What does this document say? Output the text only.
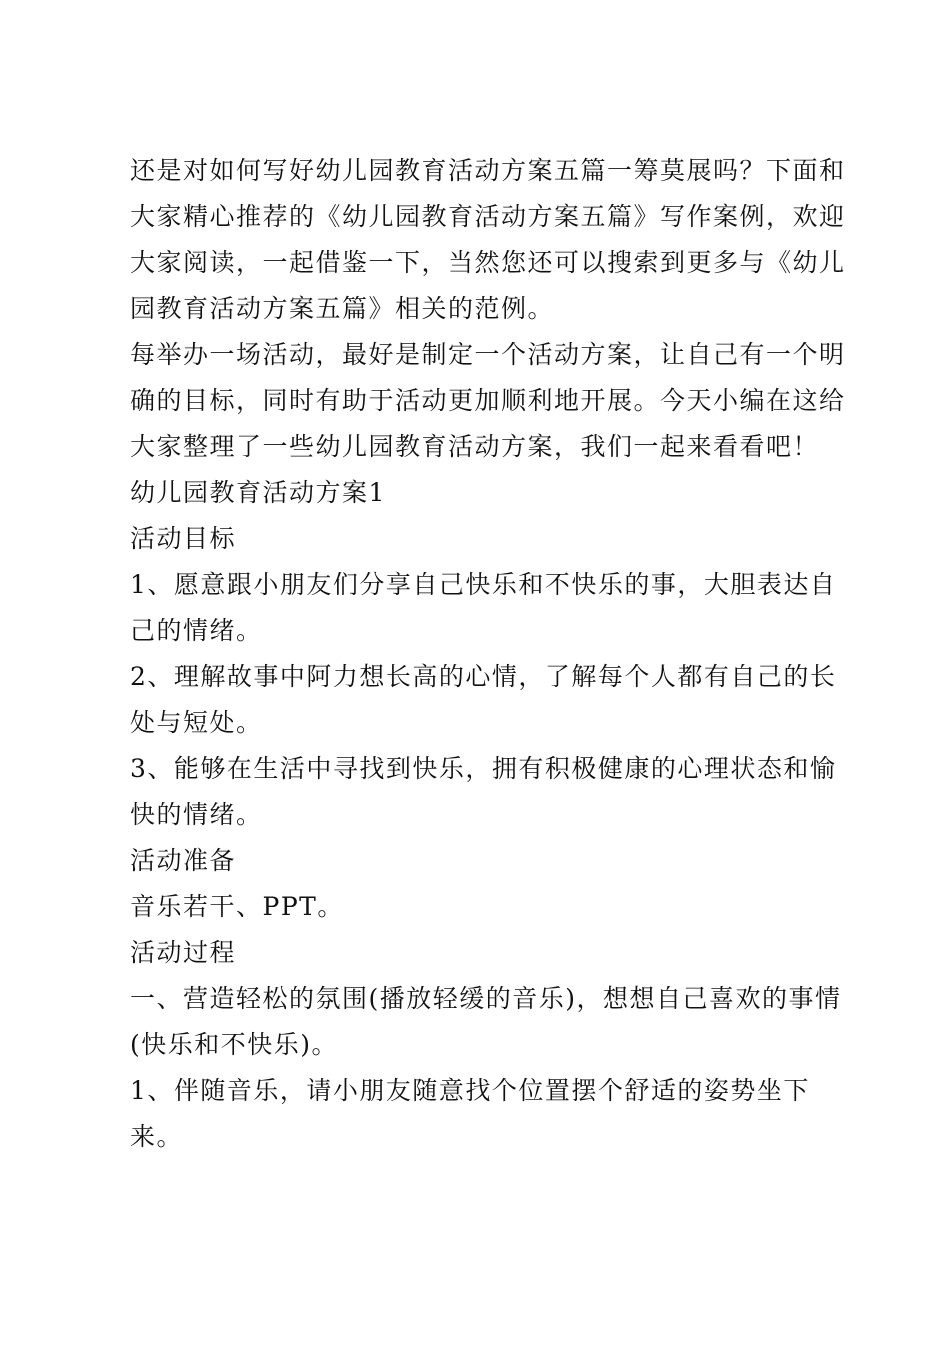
还是对如何写好幼儿园教育活动方案五篇一筹莫展吗？下面和
大家精心推荐的《幼儿园教育活动方案五篇》写作案例，欢迎
大家阅读，一起借鉴一下，当然您还可以搜索到更多与《幼儿
园教育活动方案五篇》相关的范例。
每举办一场活动，最好是制定一个活动方案，让自己有一个明
确的目标，同时有助于活动更加顺利地开展。今天小编在这给
大家整理了一些幼儿园教育活动方案，我们一起来看看吧！
幼儿园教育活动方案1
活动目标
1、愿意跟小朋友们分享自己快乐和不快乐的事，大胆表达自
己的情绪。
2、理解故事中阿力想长高的心情，了解每个人都有自己的长
处与短处。
3、能够在生活中寻找到快乐，拥有积极健康的心理状态和愉
快的情绪。
活动准备
音乐若干、PPT。
活动过程
一、营造轻松的氛围(播放轻缓的音乐)，想想自己喜欢的事情
(快乐和不快乐)。
1、伴随音乐，请小朋友随意找个位置摆个舒适的姿势坐下
来。
